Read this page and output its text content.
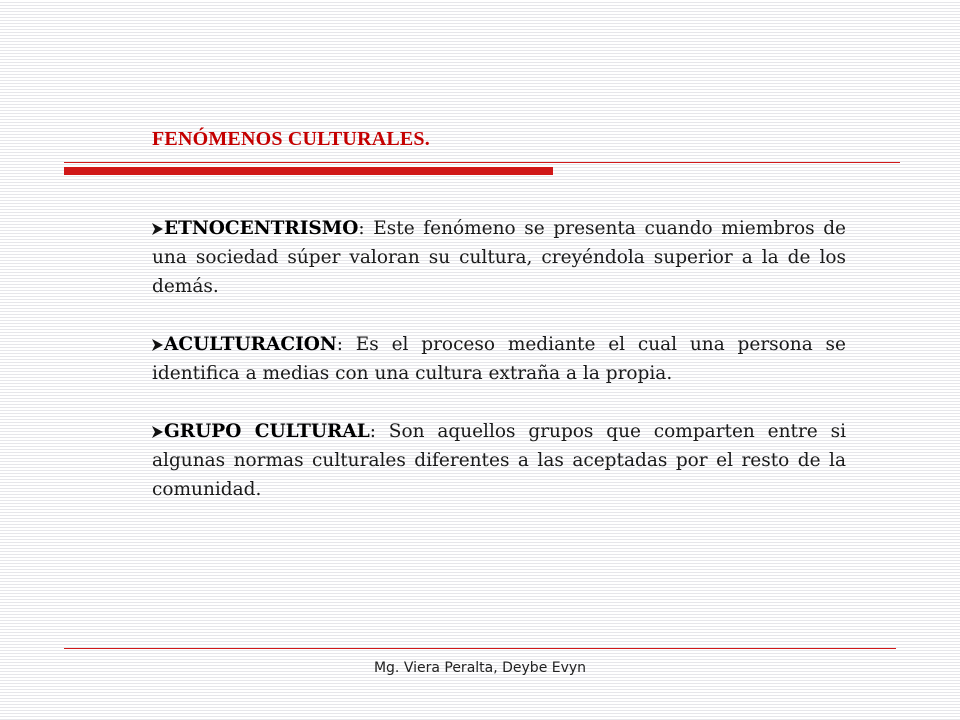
FENÓMENOS CULTURALES.

ETNOCENTRISMO: Este fenómeno se presenta cuando miembros de una sociedad súper valoran su cultura, creyéndola superior a la de los demás.

ACULTURACION: Es el proceso mediante el cual una persona se identifica a medias con una cultura extraña a la propia.

GRUPO CULTURAL: Son aquellos grupos que comparten entre si algunas normas culturales diferentes a las aceptadas por el resto de la comunidad.

Mg. Viera Peralta, Deybe Evyn
